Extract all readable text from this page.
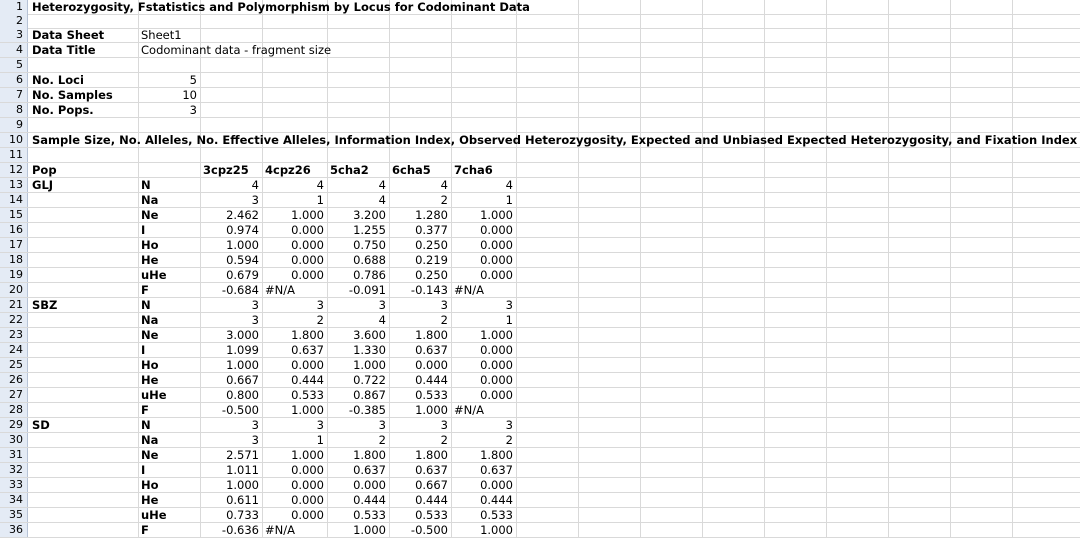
1 Heterozygosity, Fstatistics and Polymorphism by Locus for Codominant Data
2
3 Data Sheet	Sheet1
4 Data Title	Codominant data - fragment size
5
6 No. Loci	5
7 No. Samples	10
8 No. Pops.	3
9
10 Sample Size, No. Alleles, No. Effective Alleles, Information Index, Observed Heterozygosity, Expected and Unbiased Expected Heterozygosity, and Fixation Index
11
12 Pop	3cpz25 4cpz26 5cha2 6cha5 7cha6
13 GLJ	N	4	4	4	4	4
14	Na	3	1	4	2	1
15	Ne	2.462	1.000	3.200	1.280	1.000
16	I	0.974	0.000	1.255	0.377	0.000
17	Ho	1.000	0.000	0.750	0.250	0.000
18	He	0.594	0.000	0.688	0.219	0.000
19	uHe	0.679	0.000	0.786	0.250	0.000
20	F	-0.684 #N/A	-0.091	-0.143 #N/A
21 SBZ	N	3	3	3	3	3
22	Na	3	2	4	2	1
23	Ne	3.000	1.800	3.600	1.800	1.000
24	I	1.099	0.637	1.330	0.637	0.000
25	Ho	1.000	0.000	1.000	0.000	0.000
26	He	0.667	0.444	0.722	0.444	0.000
27	uHe	0.800	0.533	0.867	0.533	0.000
28	F	-0.500	1.000	-0.385	1.000 #N/A
29 SD	N	3	3	3	3	3
30	Na	3	1	2	2	2
31	Ne	2.571	1.000	1.800	1.800	1.800
32	I	1.011	0.000	0.637	0.637	0.637
33	Ho	1.000	0.000	0.000	0.667	0.000
34	He	0.611	0.000	0.444	0.444	0.444
35	uHe	0.733	0.000	0.533	0.533	0.533
36	F	-0.636 #N/A	1.000	-0.500	1.000
